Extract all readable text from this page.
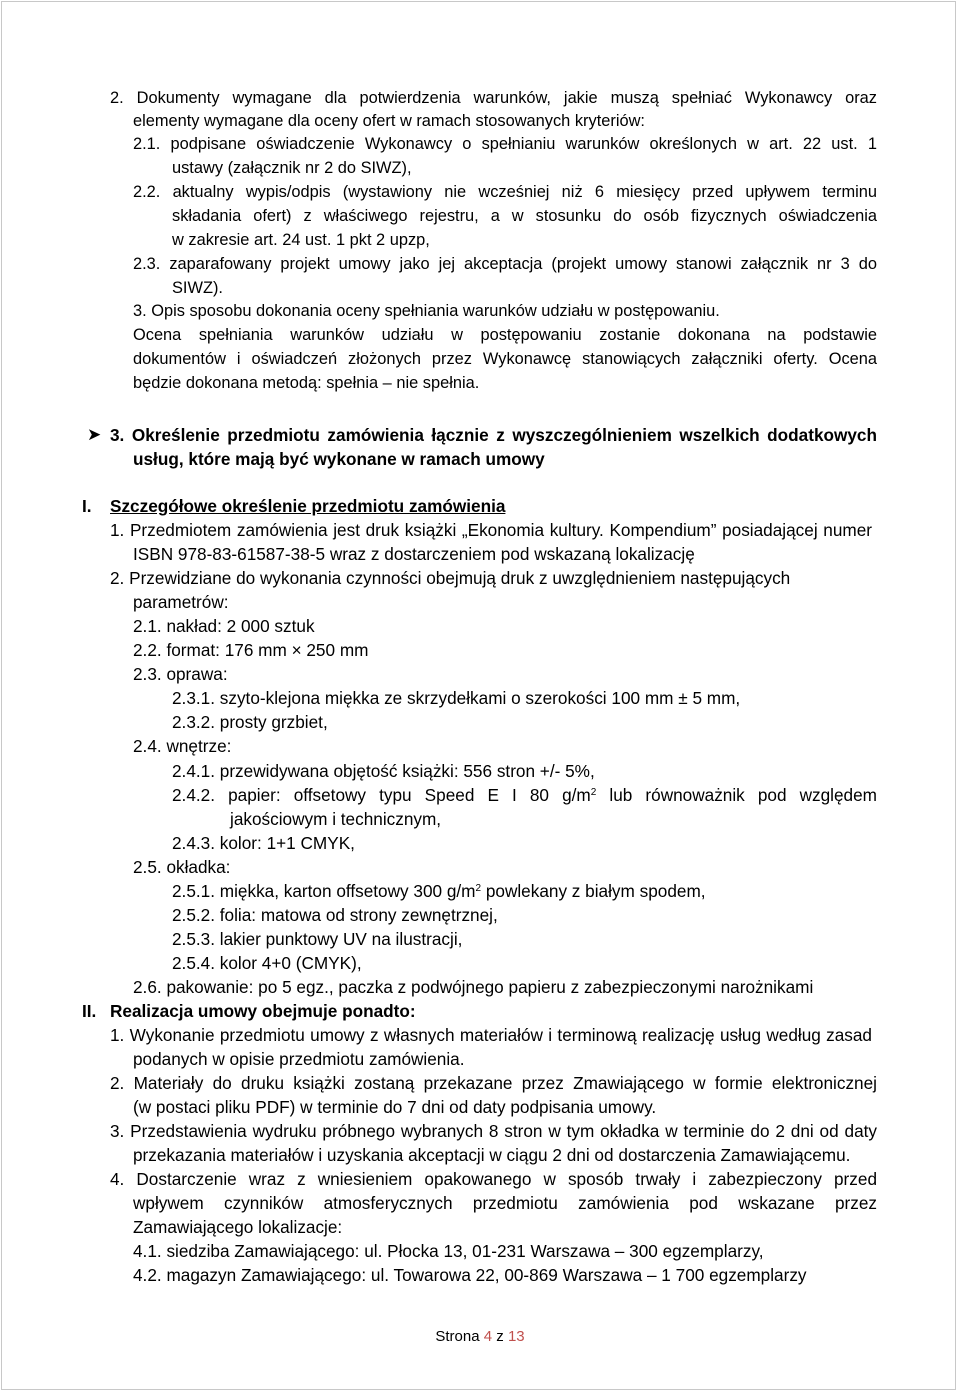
2. Dokumenty wymagane dla potwierdzenia warunków, jakie muszą spełniać Wykonawcy oraz
elementy wymagane dla oceny ofert w ramach stosowanych kryteriów:
2.1. podpisane oświadczenie Wykonawcy o spełnianiu warunków określonych w art. 22 ust. 1
ustawy (załącznik nr 2 do SIWZ),
2.2. aktualny wypis/odpis (wystawiony nie wcześniej niż 6 miesięcy przed upływem terminu
składania ofert) z właściwego rejestru, a w stosunku do osób fizycznych oświadczenia
w zakresie art. 24 ust. 1 pkt 2 upzp,
2.3. zaparafowany projekt umowy jako jej akceptacja (projekt umowy stanowi załącznik nr 3 do
SIWZ).
3. Opis sposobu dokonania oceny spełniania warunków udziału w postępowaniu.
Ocena spełniania warunków udziału w postępowaniu zostanie dokonana na podstawie
dokumentów i oświadczeń złożonych przez Wykonawcę stanowiących załączniki oferty. Ocena
będzie dokonana metodą: spełnia – nie spełnia.
➤ 3. Określenie przedmiotu zamówienia łącznie z wyszczególnieniem wszelkich dodatkowych
usług, które mają być wykonane w ramach umowy
I. Szczegółowe określenie przedmiotu zamówienia
1. Przedmiotem zamówienia jest druk książki „Ekonomia kultury. Kompendium” posiadającej numer
ISBN 978-83-61587-38-5 wraz z dostarczeniem pod wskazaną lokalizację
2. Przewidziane do wykonania czynności obejmują druk z uwzględnieniem następujących
parametrów:
2.1. nakład: 2 000 sztuk
2.2. format: 176 mm × 250 mm
2.3. oprawa:
2.3.1. szyto-klejona miękka ze skrzydełkami o szerokości 100 mm ± 5 mm,
2.3.2. prosty grzbiet,
2.4. wnętrze:
2.4.1. przewidywana objętość książki: 556 stron +/- 5%,
2.4.2. papier: offsetowy typu Speed E I 80 $g/m^2$ lub równoważnik pod względem
jakościowym i technicznym,
2.4.3. kolor: 1+1 CMYK,
2.5. okładka:
2.5.1. miękka, karton offsetowy 300 $g/m^2$ powlekany z białym spodem,
2.5.2. folia: matowa od strony zewnętrznej,
2.5.3. lakier punktowy UV na ilustracji,
2.5.4. kolor 4+0 (CMYK),
2.6. pakowanie: po 5 egz., paczka z podwójnego papieru z zabezpieczonymi narożnikami
II. Realizacja umowy obejmuje ponadto:
1. Wykonanie przedmiotu umowy z własnych materiałów i terminową realizację usług według zasad
podanych w opisie przedmiotu zamówienia.
2. Materiały do druku książki zostaną przekazane przez Zmawiającego w formie elektronicznej
(w postaci pliku PDF) w terminie do 7 dni od daty podpisania umowy.
3. Przedstawienia wydruku próbnego wybranych 8 stron w tym okładka w terminie do 2 dni od daty
przekazania materiałów i uzyskania akceptacji w ciągu 2 dni od dostarczenia Zamawiającemu.
4. Dostarczenie wraz z wniesieniem opakowanego w sposób trwały i zabezpieczony przed
wpływem czynników atmosferycznych przedmiotu zamówienia pod wskazane przez
Zamawiającego lokalizacje:
4.1. siedziba Zamawiającego: ul. Płocka 13, 01-231 Warszawa – 300 egzemplarzy,
4.2. magazyn Zamawiającego: ul. Towarowa 22, 00-869 Warszawa – 1 700 egzemplarzy
Strona 4 z 13
